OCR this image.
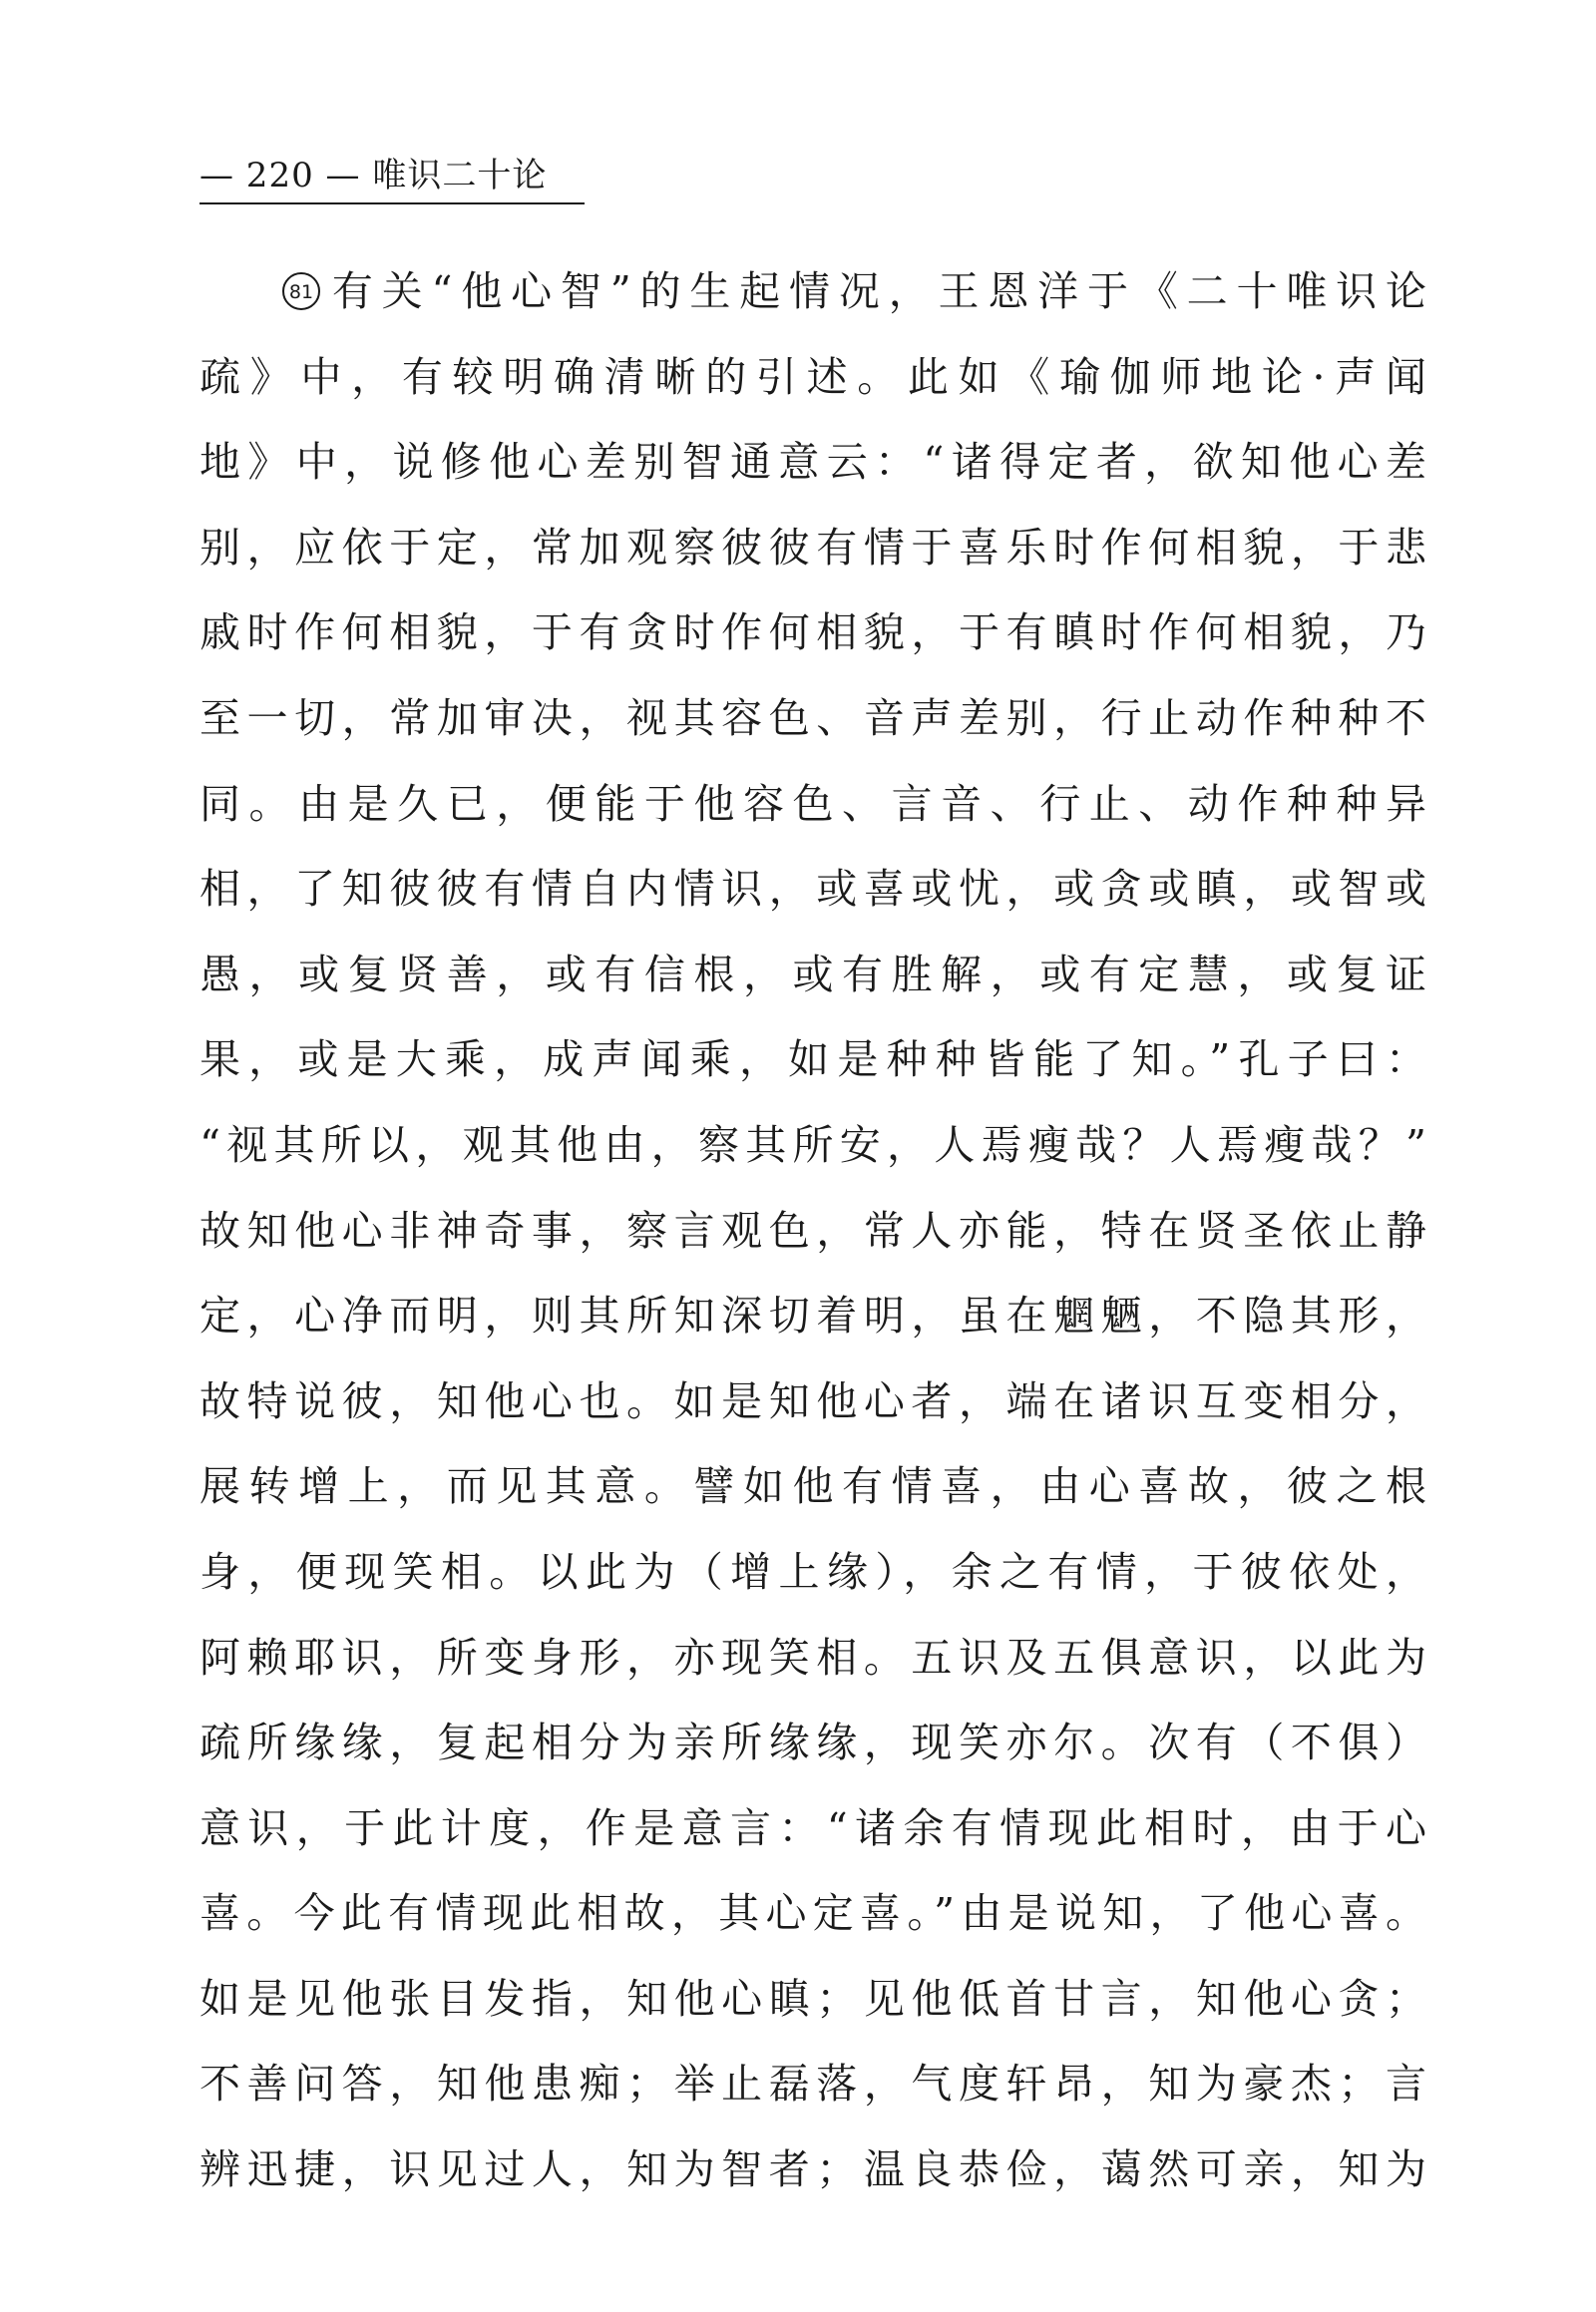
— 220 — 唯识二十论
81 有关“他心智”的生起情况，王恩洋于《二十唯识论
疏》中，有较明确清晰的引述。此如《瑜伽师地论·声闻
地》中，说修他心差别智通意云：“诸得定者，欲知他心差
别，应依于定，常加观察彼彼有情于喜乐时作何相貌，于悲
戚时作何相貌，于有贪时作何相貌，于有瞋时作何相貌，乃
至一切，常加审决，视其容色、音声差别，行止动作种种不
同。由是久已，便能于他容色、言音、行止、动作种种异
相，了知彼彼有情自内情识，或喜或忧，或贪或瞋，或智或
愚，或复贤善，或有信根，或有胜解，或有定慧，或复证
果，或是大乘，成声闻乘，如是种种皆能了知。”孔子曰：
“视其所以，观其他由，察其所安，人焉瘦哉？人焉瘦哉？”
故知他心非神奇事，察言观色，常人亦能，特在贤圣依止静
定，心净而明，则其所知深切着明，虽在魍魉，不隐其形，
故特说彼，知他心也。如是知他心者，端在诸识互变相分，
展转增上，而见其意。譬如他有情喜，由心喜故，彼之根
身，便现笑相。以此为（增上缘），余之有情，于彼依处，
阿赖耶识，所变身形，亦现笑相。五识及五俱意识，以此为
疏所缘缘，复起相分为亲所缘缘，现笑亦尔。次有（不俱）
意识，于此计度，作是意言：“诸余有情现此相时，由于心
喜。今此有情现此相故，其心定喜。”由是说知，了他心喜。
如是见他张目发指，知他心瞋；见他低首甘言，知他心贪；
不善问答，知他患痴；举止磊落，气度轩昂，知为豪杰；言
辨迅捷，识见过人，知为智者；温良恭俭，蔼然可亲，知为
